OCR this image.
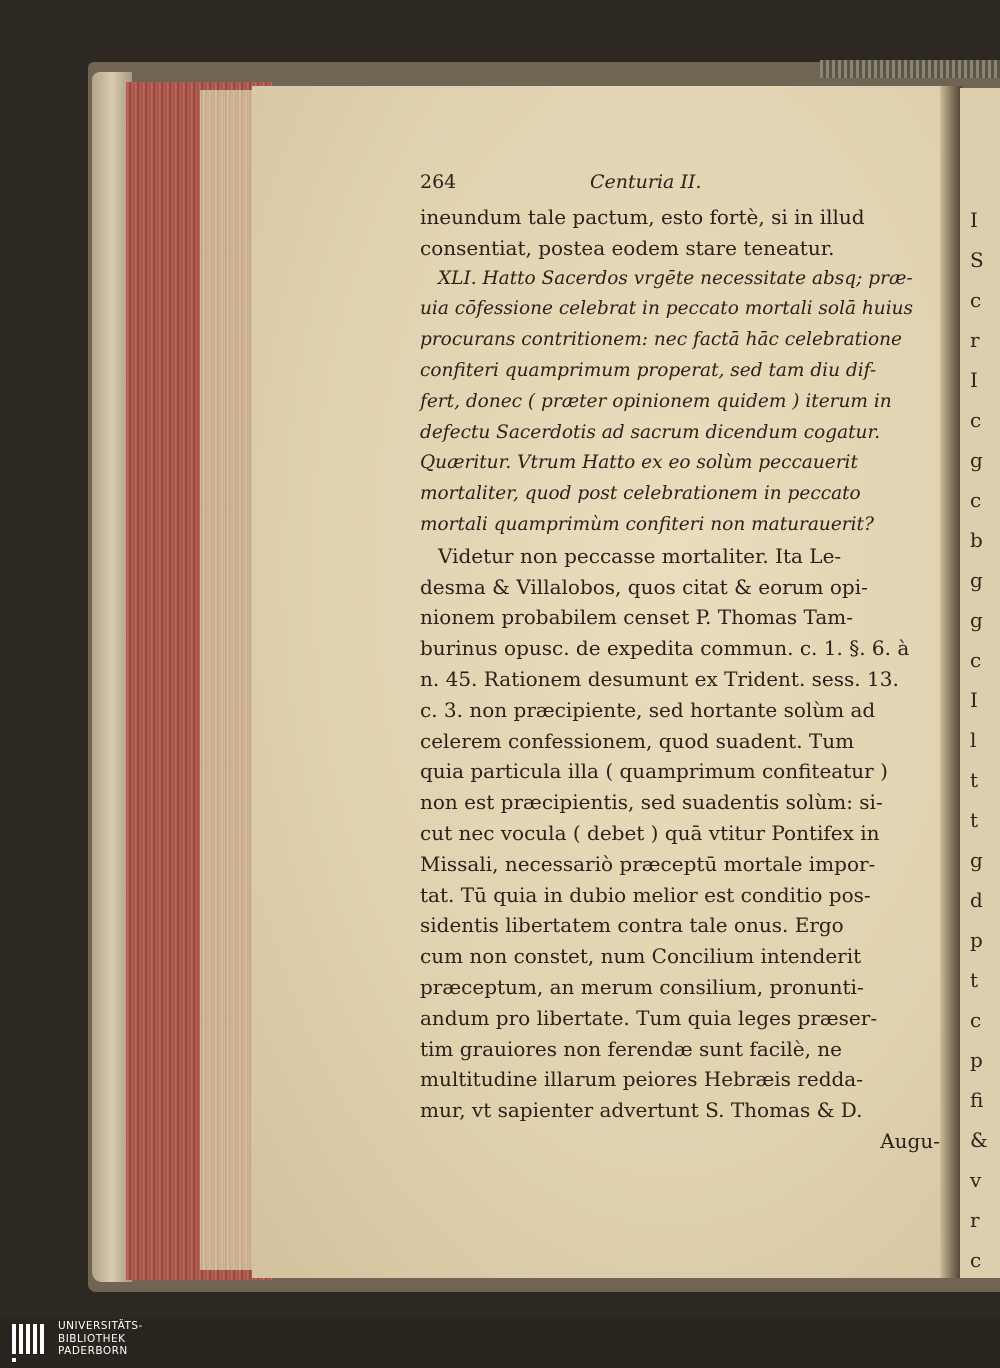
I
S
c
r
I
c
g
c
b
g
g
c
I
l
t
t
g
d
p
t
c
p
fi
&
v
r
c
264	Centuria II.
ineundum tale pactum, esto fortè, si in illud
consentiat, postea eodem stare teneatur.
XLI. Hatto Sacerdos vrgēte necessitate absq; præ-
uia cōfessione celebrat in peccato mortali solā huius
procurans contritionem: nec factā hāc celebratione
confiteri quamprimum properat, sed tam diu dif-
fert, donec ( præter opinionem quidem ) iterum in
defectu Sacerdotis ad sacrum dicendum cogatur.
Quæritur. Vtrum Hatto ex eo solùm peccauerit
mortaliter, quod post celebrationem in peccato
mortali quamprimùm confiteri non maturauerit?
Videtur non peccasse mortaliter. Ita Le-
desma & Villalobos, quos citat & eorum opi-
nionem probabilem censet P. Thomas Tam-
burinus opusc. de expedita commun. c. 1. §. 6. à
n. 45. Rationem desumunt ex Trident. sess. 13.
c. 3. non præcipiente, sed hortante solùm ad
celerem confessionem, quod suadent. Tum
quia particula illa ( quamprimum confiteatur )
non est præcipientis, sed suadentis solùm: si-
cut nec vocula ( debet ) quā vtitur Pontifex in
Missali, necessariò præceptū mortale impor-
tat. Tū quia in dubio melior est conditio pos-
sidentis libertatem contra tale onus. Ergo
cum non constet, num Concilium intenderit
præceptum, an merum consilium, pronunti-
andum pro libertate. Tum quia leges præser-
tim grauiores non ferendæ sunt facilè, ne
multitudine illarum peiores Hebræis redda-
mur, vt sapienter advertunt S. Thomas & D.
Augu-
UNIVERSITÄTS-
BIBLIOTHEK
PADERBORN
